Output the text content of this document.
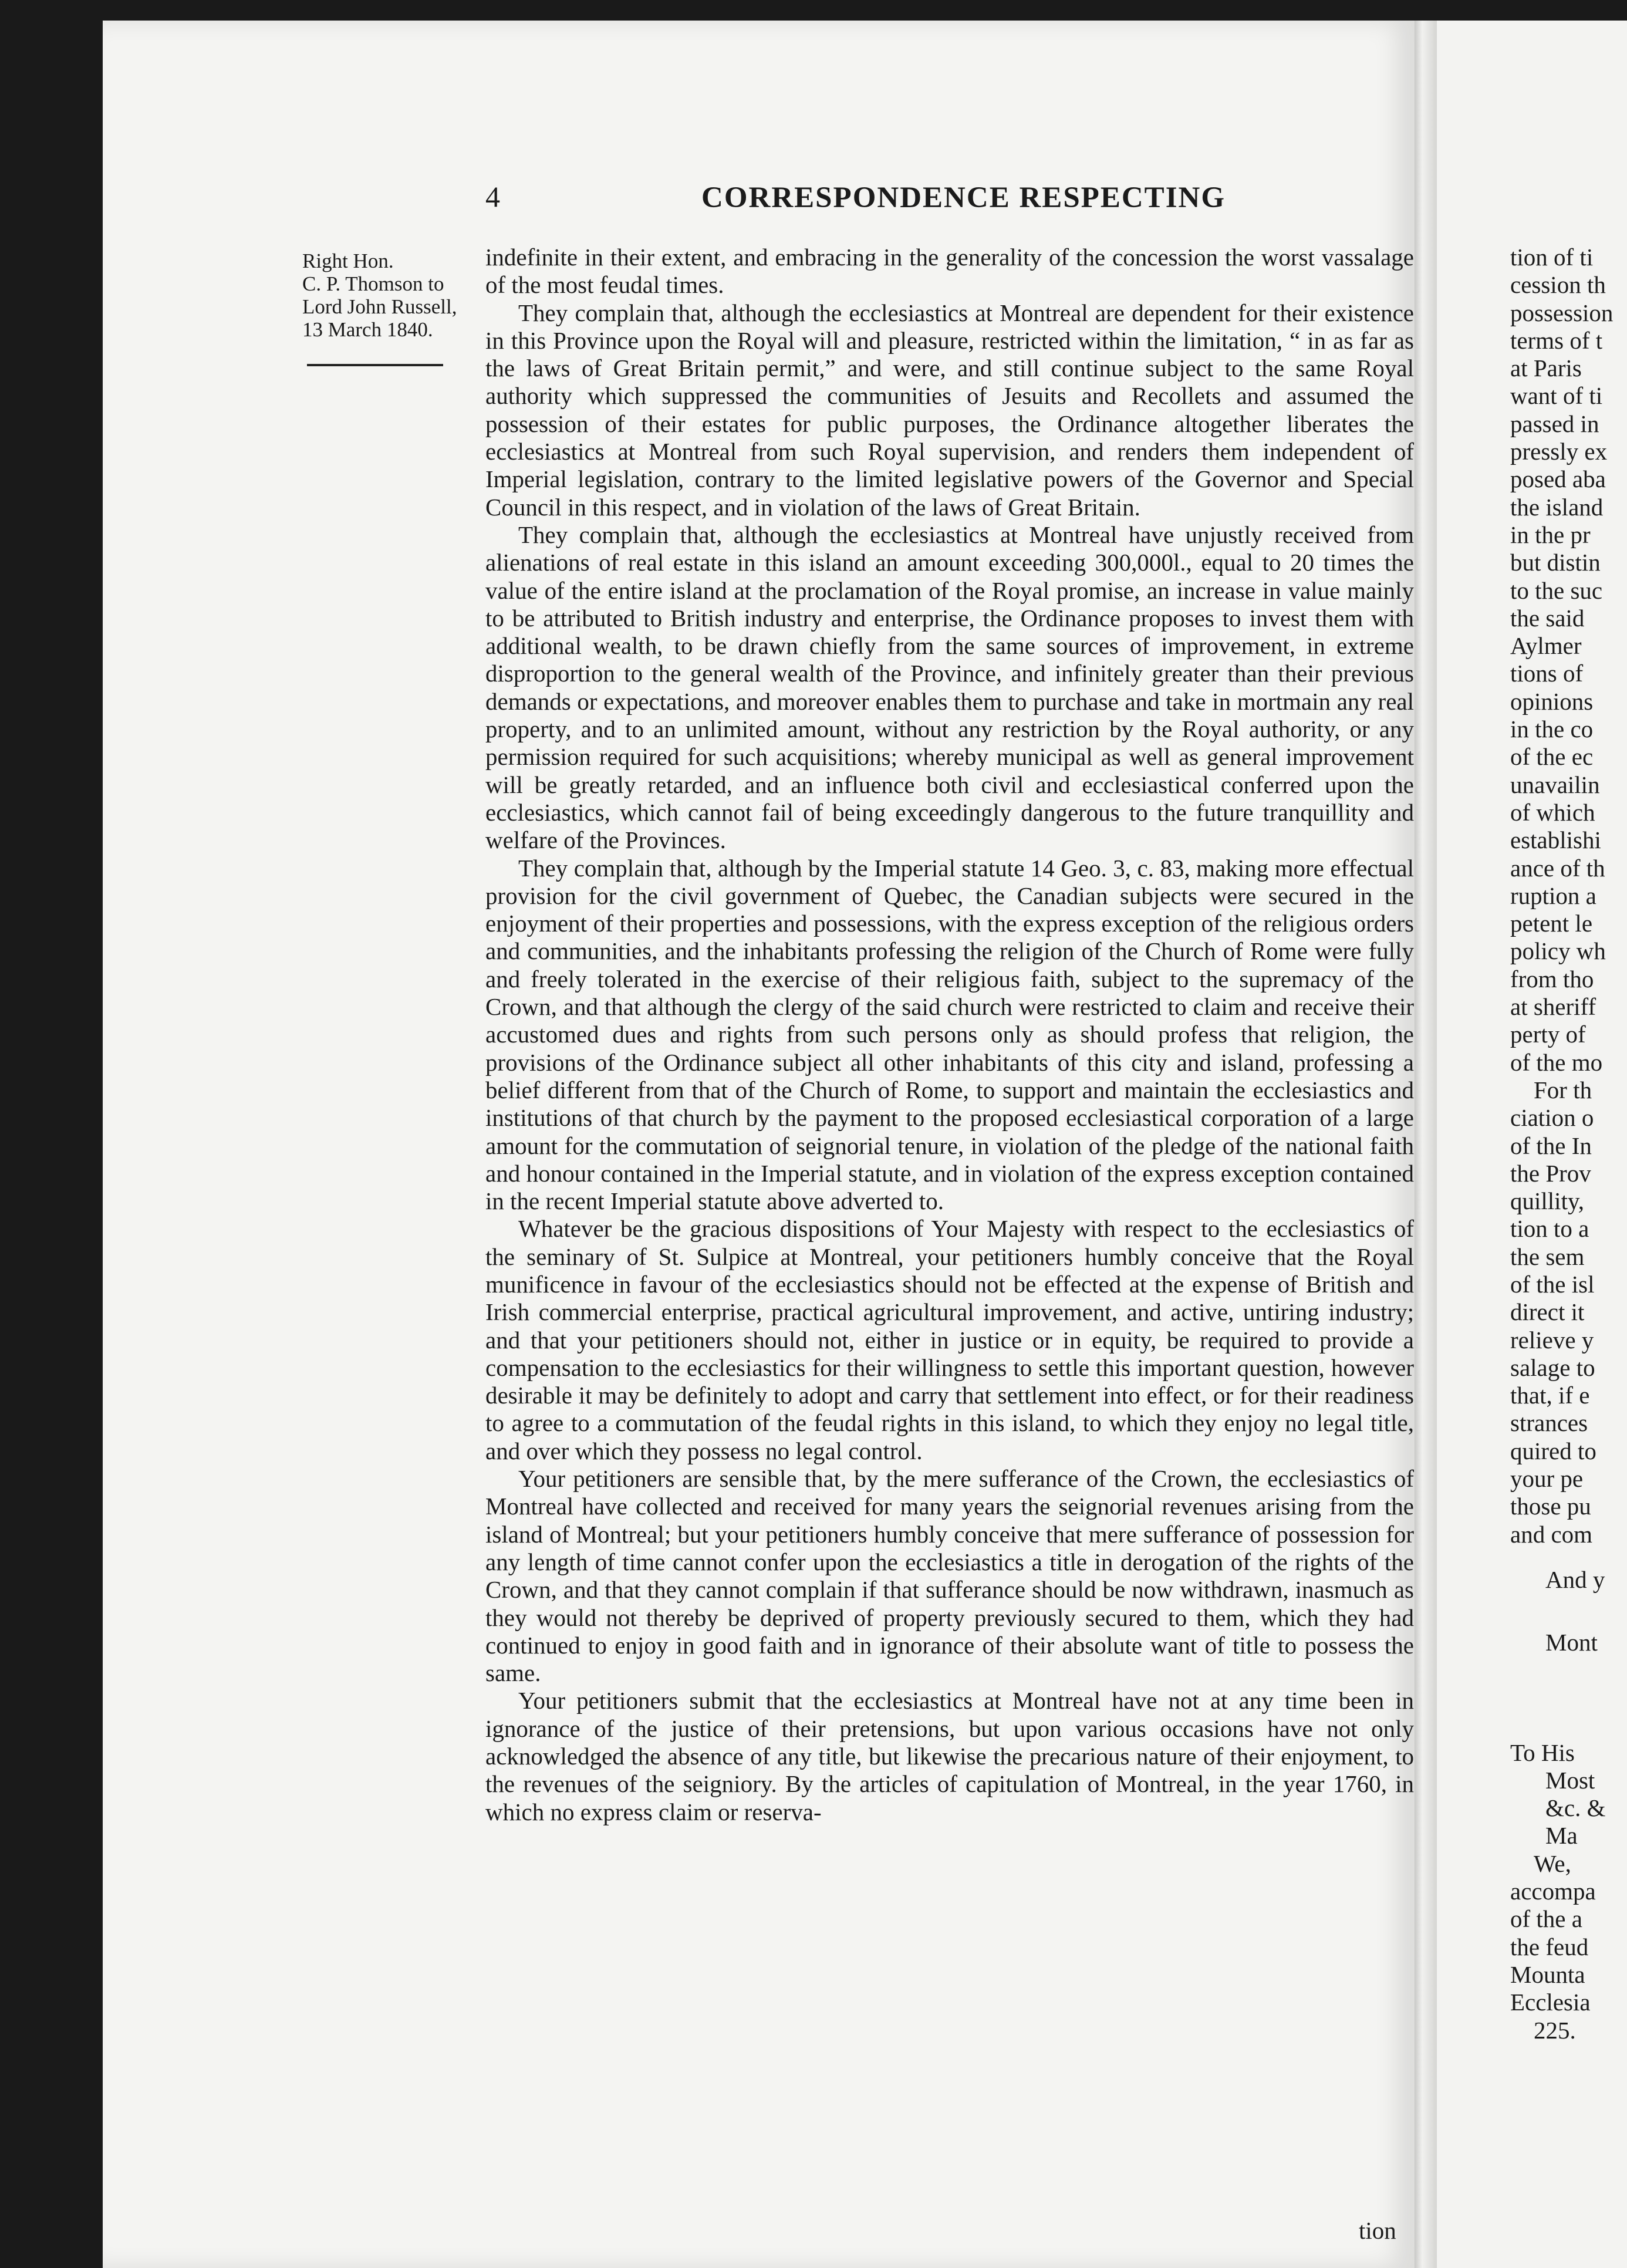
4	CORRESPONDENCE RESPECTING
Right Hon.
C. P. Thomson to
Lord John Russell,
13 March 1840.

indefinite in their extent, and embracing in the generality of the concession the worst vassalage of the most feudal times.

They complain that, although the ecclesiastics at Montreal are dependent for their existence in this Province upon the Royal will and pleasure, restricted within the limitation, “ in as far as the laws of Great Britain permit,” and were, and still continue subject to the same Royal authority which suppressed the communities of Jesuits and Recollets and assumed the possession of their estates for public purposes, the Ordinance altogether liberates the ecclesiastics at Montreal from such Royal supervision, and renders them independent of Imperial legislation, contrary to the limited legislative powers of the Governor and Special Council in this respect, and in violation of the laws of Great Britain.

They complain that, although the ecclesiastics at Montreal have unjustly received from alienations of real estate in this island an amount exceeding 300,000l., equal to 20 times the value of the entire island at the proclamation of the Royal promise, an increase in value mainly to be attributed to British industry and enterprise, the Ordinance proposes to invest them with additional wealth, to be drawn chiefly from the same sources of improvement, in extreme disproportion to the general wealth of the Province, and infinitely greater than their previous demands or expectations, and moreover enables them to purchase and take in mortmain any real property, and to an unlimited amount, without any restriction by the Royal authority, or any permission required for such acquisitions; whereby municipal as well as general improvement will be greatly retarded, and an influence both civil and ecclesiastical conferred upon the ecclesiastics, which cannot fail of being exceedingly dangerous to the future tranquillity and welfare of the Provinces.

They complain that, although by the Imperial statute 14 Geo. 3, c. 83, making more effectual provision for the civil government of Quebec, the Canadian subjects were secured in the enjoyment of their properties and possessions, with the express exception of the religious orders and communities, and the inhabitants professing the religion of the Church of Rome were fully and freely tolerated in the exercise of their religious faith, subject to the supremacy of the Crown, and that although the clergy of the said church were restricted to claim and receive their accustomed dues and rights from such persons only as should profess that religion, the provisions of the Ordinance subject all other inhabitants of this city and island, professing a belief different from that of the Church of Rome, to support and maintain the ecclesiastics and institutions of that church by the payment to the proposed ecclesiastical corporation of a large amount for the commutation of seignorial tenure, in violation of the pledge of the national faith and honour contained in the Imperial statute, and in violation of the express exception contained in the recent Imperial statute above adverted to.

Whatever be the gracious dispositions of Your Majesty with respect to the ecclesiastics of the seminary of St. Sulpice at Montreal, your petitioners humbly conceive that the Royal munificence in favour of the ecclesiastics should not be effected at the expense of British and Irish commercial enterprise, practical agricultural improvement, and active, untiring industry; and that your petitioners should not, either in justice or in equity, be required to provide a compensation to the ecclesiastics for their willingness to settle this important question, however desirable it may be definitely to adopt and carry that settlement into effect, or for their readiness to agree to a commutation of the feudal rights in this island, to which they enjoy no legal title, and over which they possess no legal control.

Your petitioners are sensible that, by the mere sufferance of the Crown, the ecclesiastics of Montreal have collected and received for many years the seignorial revenues arising from the island of Montreal; but your petitioners humbly conceive that mere sufferance of possession for any length of time cannot confer upon the ecclesiastics a title in derogation of the rights of the Crown, and that they cannot complain if that sufferance should be now withdrawn, inasmuch as they would not thereby be deprived of property previously secured to them, which they had continued to enjoy in good faith and in ignorance of their absolute want of title to possess the same.

Your petitioners submit that the ecclesiastics at Montreal have not at any time been in ignorance of the justice of their pretensions, but upon various occasions have not only acknowledged the absence of any title, but likewise the precarious nature of their enjoyment, to the revenues of the seigniory. By the articles of capitulation of Montreal, in the year 1760, in which no express claim or reserva-

tion
tion of ti
cession th
possession
terms of t
at Paris
want of ti
passed in
pressly ex
posed aba
the island
in the pr
but distin
to the suc
the said
Aylmer
tions of
opinions
in the co
of the ec
unavailin
of which
establishi
ance of th
ruption a
petent le
policy wh
from tho
at sheriff
perty of
of the mo
For th
ciation o
of the In
the Prov
quillity,
tion to a
the sem
of the isl
direct it
relieve y
salage to
that, if e
strances
quired to
your pe
those pu
and com
And y
Mont
To His
Most
&c. &
Ma
We,
accompa
of the a
the feud
Mounta
Ecclesia
225.
